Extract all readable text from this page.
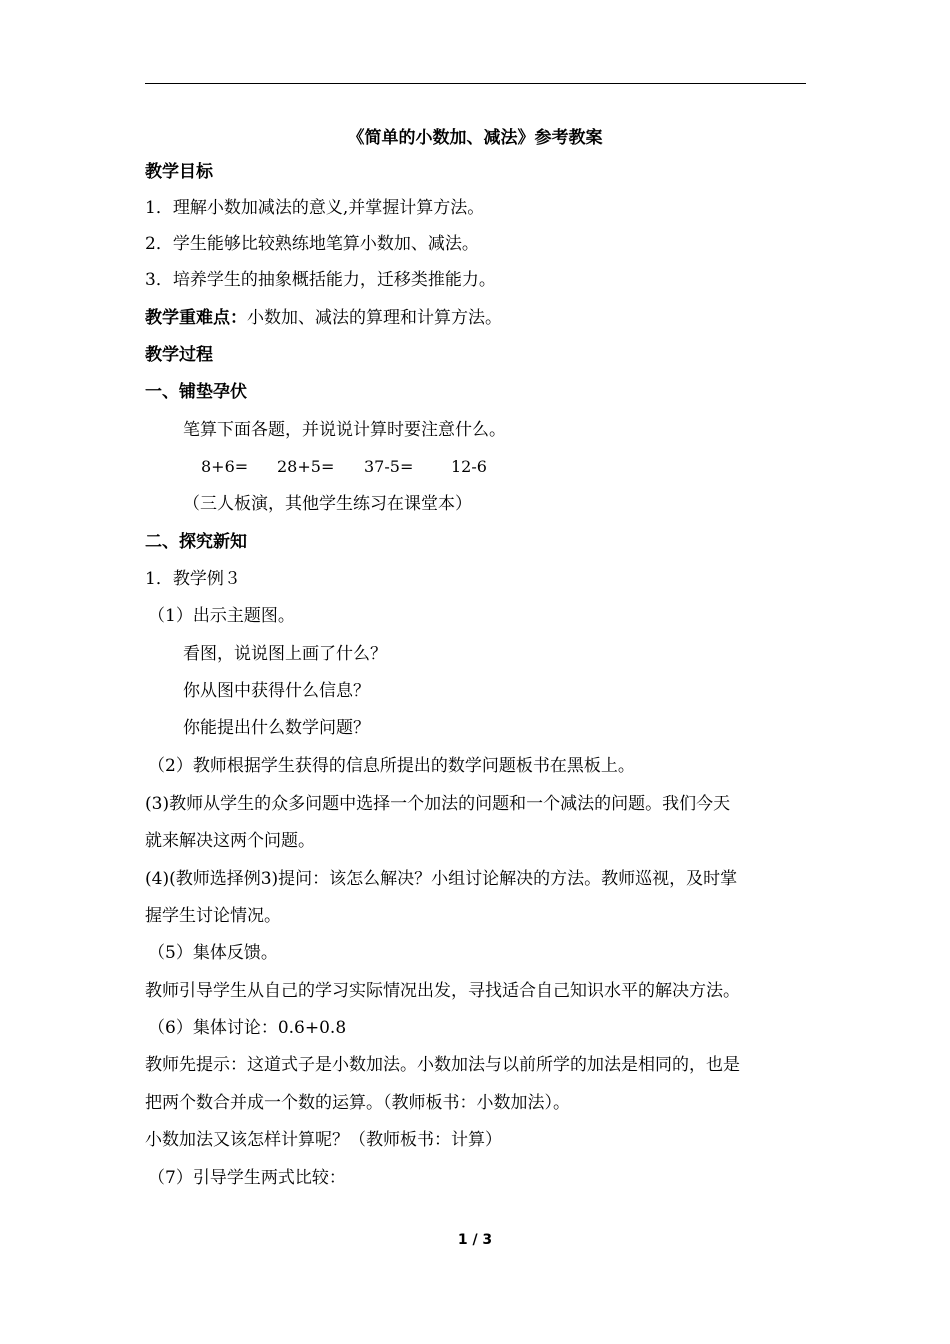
《简单的小数加、减法》参考教案
教学目标
1．理解小数加减法的意义,并掌握计算方法。
2．学生能够比较熟练地笔算小数加、减法。
3．培养学生的抽象概括能力，迁移类推能力。
教学重难点：小数加、减法的算理和计算方法。
教学过程
一、铺垫孕伏
笔算下面各题，并说说计算时要注意什么。
8+6= 28+5= 37-5= 12-6
（三人板演，其他学生练习在课堂本）
二、探究新知
1．教学例３
（1）出示主题图。
看图，说说图上画了什么？
你从图中获得什么信息？
你能提出什么数学问题？
（2）教师根据学生获得的信息所提出的数学问题板书在黑板上。
(3)教师从学生的众多问题中选择一个加法的问题和一个减法的问题。我们今天
就来解决这两个问题。
(4)(教师选择例3)提问：该怎么解决？小组讨论解决的方法。教师巡视，及时掌
握学生讨论情况。
（5）集体反馈。
教师引导学生从自己的学习实际情况出发，寻找适合自己知识水平的解决方法。
（6）集体讨论：0.6+0.8
教师先提示：这道式子是小数加法。小数加法与以前所学的加法是相同的，也是
把两个数合并成一个数的运算。（教师板书：小数加法）。
小数加法又该怎样计算呢？（教师板书：计算）
（7）引导学生两式比较：
1 / 3
